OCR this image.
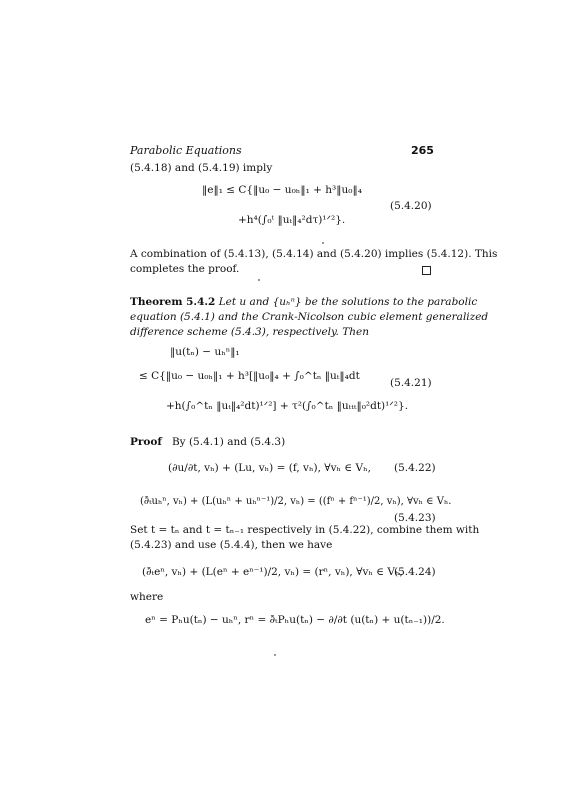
Parabolic Equations	265
(5.4.18) and (5.4.19) imply
‖e‖₁ ≤ C{‖u₀ − u₀ₕ‖₁ + h³‖u₀‖₄
+h⁴(∫₀ᵗ ‖uₜ‖₄²dτ)¹ᐟ²}.
(5.4.20)
A combination of (5.4.13), (5.4.14) and (5.4.20) implies (5.4.12). This
completes the proof.
Theorem 5.4.2 Let u and {uₕⁿ} be the solutions to the parabolic
equation (5.4.1) and the Crank-Nicolson cubic element generalized
difference scheme (5.4.3), respectively. Then
‖u(tₙ) − uₕⁿ‖₁
≤ C{‖u₀ − u₀ₕ‖₁ + h³[‖u₀‖₄ + ∫₀^tₙ ‖uₜ‖₄dt
+h(∫₀^tₙ ‖uₜ‖₄²dt)¹ᐟ²] + τ²(∫₀^tₙ ‖uₜₜₜ‖₀²dt)¹ᐟ²}.
(5.4.21)
Proof By (5.4.1) and (5.4.3)
(∂u/∂t, vₕ) + (Lu, vₕ) = (f, vₕ), ∀vₕ ∈ Vₕ, (5.4.22)
(∂̄ₜuₕⁿ, vₕ) + (L(uₕⁿ + uₕⁿ⁻¹)/2, vₕ) = ((fⁿ + fⁿ⁻¹)/2, vₕ), ∀vₕ ∈ Vₕ.
(5.4.23)
Set t = tₙ and t = tₙ₋₁ respectively in (5.4.22), combine them with
(5.4.23) and use (5.4.4), then we have
(∂̄ₜeⁿ, vₕ) + (L(eⁿ + eⁿ⁻¹)/2, vₕ) = (rⁿ, vₕ), ∀vₕ ∈ Vₕ,
(5.4.24)
where
eⁿ = Pₕu(tₙ) − uₕⁿ, rⁿ = ∂̄ₜPₕu(tₙ) − ∂/∂t (u(tₙ) + u(tₙ₋₁))/2.
